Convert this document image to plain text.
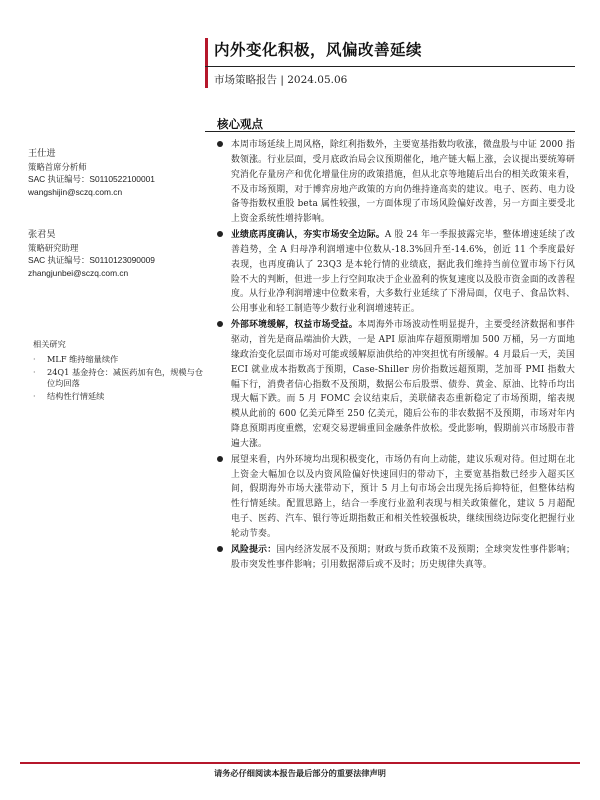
内外变化积极，风偏改善延续
市场策略报告 | 2024.05.06
核心观点
王仕进
策略首席分析师
SAC 执证编号：S0110522100001
wangshijin@sczq.com.cn
张君昊
策略研究助理
SAC 执证编号：S0110123090009
zhangjunbei@sczq.com.cn
相关研究
· MLF 维持缩量续作
· 24Q1 基金持仓：减医药加有色，规模与仓位均回落
· 结构性行情延续

本周市场延续上周风格，除红利指数外，主要宽基指数均收涨，微盘股与中证 2000 指数领涨。行业层面，受月底政治局会议预期催化，地产链大幅上涨，会议提出要统筹研究消化存量房产和优化增量住房的政策措施，但从北京等地随后出台的相关政策来看，不及市场预期，对于博弈房地产政策的方向仍维持逢高卖的建议。电子、医药、电力设备等指数权重股 beta 属性较强，一方面体现了市场风险偏好改善，另一方面主要受北上资金系统性增持影响。

业绩底再度确认，夯实市场安全边际。A 股 24 年一季报披露完毕，整体增速延续了改善趋势，全 A 归母净利润增速中位数从-18.3%回升至-14.6%，创近 11 个季度最好表现，也再度确认了 23Q3 是本轮行情的业绩底，据此我们维持当前位置市场下行风险不大的判断，但进一步上行空间取决于企业盈利的恢复速度以及股市资金面的改善程度。从行业净利润增速中位数来看，大多数行业延续了下滑局面，仅电子、食品饮料、公用事业和轻工制造等少数行业利润增速转正。

外部环境缓解，权益市场受益。本周海外市场波动性明显提升，主要受经济数据和事件驱动，首先是商品端油价大跌，一是 API 原油库存超预期增加 500 万桶，另一方面地缘政治变化层面市场对可能或缓解原油供给的冲突担忧有所缓解。4 月最后一天，美国 ECI 就业成本指数高于预期，Case-Shiller 房价指数远超预期，芝加哥 PMI 指数大幅下行，消费者信心指数不及预期，数据公布后股票、债券、黄金、原油、比特币均出现大幅下跌。而 5 月 FOMC 会议结束后，美联储表态重新稳定了市场预期，缩表规模从此前的 600 亿美元降至 250 亿美元，随后公布的非农数据不及预期，市场对年内降息预期再度重燃，宏观交易逻辑重回金融条件放松。受此影响，假期前兴市场股市普遍大涨。

展望来看，内外环境均出现积极变化，市场仍有向上动能，建议乐观对待。但过期在北上资金大幅加仓以及内资风险偏好快速回归的带动下，主要宽基指数已经步入超买区间，假期海外市场大涨带动下，预计 5 月上旬市场会出现先扬后抑特征，但整体结构性行情延续。配置思路上，结合一季度行业盈利表现与相关政策催化，建议 5 月超配电子、医药、汽车、银行等近期指数正和相关性较强板块，继续围绕边际变化把握行业轮动节奏。

风险提示：国内经济发展不及预期；财政与货币政策不及预期；全球突发性事件影响；股市突发性事件影响；引用数据滞后或不及时；历史规律失真等。

请务必仔细阅读本报告最后部分的重要法律声明
